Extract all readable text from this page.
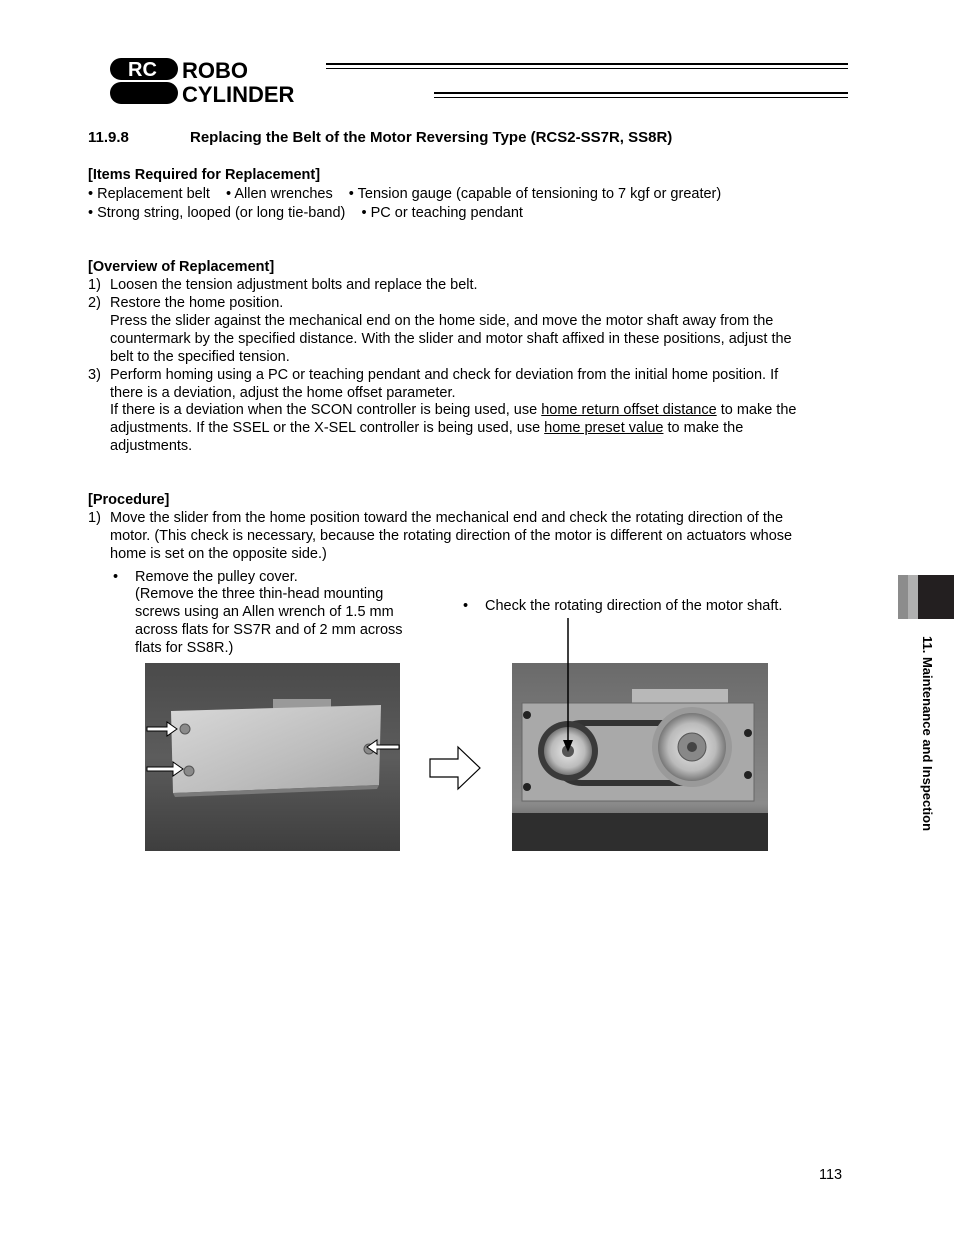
RC ROBO
CYLINDER
11.9.8	Replacing the Belt of the Motor Reversing Type (RCS2-SS7R, SS8R)
[Items Required for Replacement]
• Replacement belt    • Allen wrenches    • Tension gauge (capable of tensioning to 7 kgf or greater)
• Strong string, looped (or long tie-band)    • PC or teaching pendant
[Overview of Replacement]
1) Loosen the tension adjustment bolts and replace the belt.
2) Restore the home position.
Press the slider against the mechanical end on the home side, and move the motor shaft away from the
countermark by the specified distance. With the slider and motor shaft affixed in these positions, adjust the
belt to the specified tension.
3) Perform homing using a PC or teaching pendant and check for deviation from the initial home position. If
there is a deviation, adjust the home offset parameter.
If there is a deviation when the SCON controller is being used, use home return offset distance to make the
adjustments. If the SSEL or the X-SEL controller is being used, use home preset value to make the
adjustments.
[Procedure]
1) Move the slider from the home position toward the mechanical end and check the rotating direction of the
motor. (This check is necessary, because the rotating direction of the motor is different on actuators whose
home is set on the opposite side.)
• Remove the pulley cover.
(Remove the three thin-head mounting
screws using an Allen wrench of 1.5 mm
across flats for SS7R and of 2 mm across
flats for SS8R.)
• Check the rotating direction of the motor shaft.
11. Maintenance and Inspection
113
